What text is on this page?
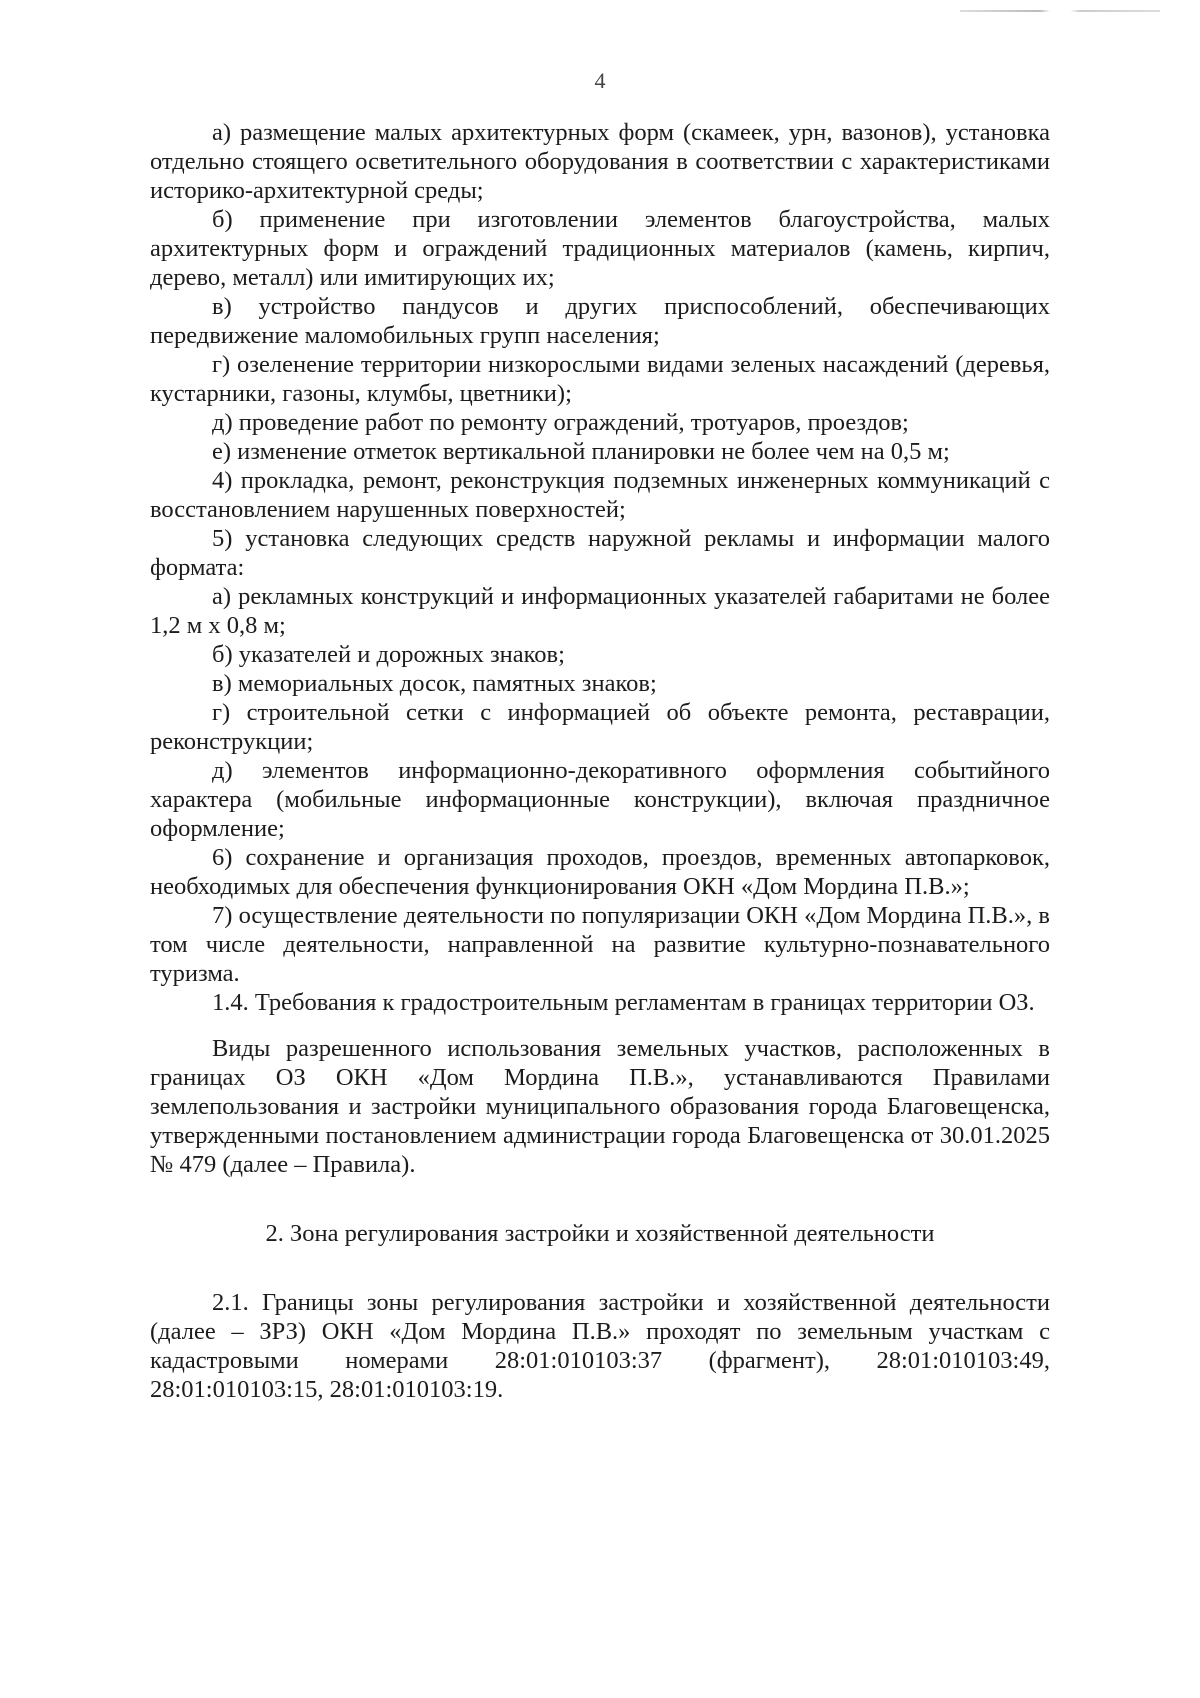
4

а) размещение малых архитектурных форм (скамеек, урн, вазонов), установка отдельно стоящего осветительного оборудования в соответствии с характеристиками историко-архитектурной среды;

б) применение при изготовлении элементов благоустройства, малых архитектурных форм и ограждений традиционных материалов (камень, кирпич, дерево, металл) или имитирующих их;

в) устройство пандусов и других приспособлений, обеспечивающих передвижение маломобильных групп населения;

г) озеленение территории низкорослыми видами зеленых насаждений (деревья, кустарники, газоны, клумбы, цветники);

д) проведение работ по ремонту ограждений, тротуаров, проездов;

е) изменение отметок вертикальной планировки не более чем на 0,5 м;

4) прокладка, ремонт, реконструкция подземных инженерных коммуникаций с восстановлением нарушенных поверхностей;

5) установка следующих средств наружной рекламы и информации малого формата:

а) рекламных конструкций и информационных указателей габаритами не более 1,2 м х 0,8 м;

б) указателей и дорожных знаков;

в) мемориальных досок, памятных знаков;

г) строительной сетки с информацией об объекте ремонта, реставрации, реконструкции;

д) элементов информационно-декоративного оформления событийного характера (мобильные информационные конструкции), включая праздничное оформление;

6) сохранение и организация проходов, проездов, временных автопарковок, необходимых для обеспечения функционирования ОКН «Дом Мордина П.В.»;

7) осуществление деятельности по популяризации ОКН «Дом Мордина П.В.», в том числе деятельности, направленной на развитие культурно-познавательного туризма.

1.4. Требования к градостроительным регламентам в границах территории ОЗ.

Виды разрешенного использования земельных участков, расположенных в границах ОЗ ОКН «Дом Мордина П.В.», устанавливаются Правилами землепользования и застройки муниципального образования города Благовещенска, утвержденными постановлением администрации города Благовещенска от 30.01.2025 № 479 (далее – Правила).

2. Зона регулирования застройки и хозяйственной деятельности

2.1. Границы зоны регулирования застройки и хозяйственной деятельности (далее – ЗРЗ) ОКН «Дом Мордина П.В.» проходят по земельным участкам с кадастровыми номерами 28:01:010103:37 (фрагмент), 28:01:010103:49, 28:01:010103:15, 28:01:010103:19.
